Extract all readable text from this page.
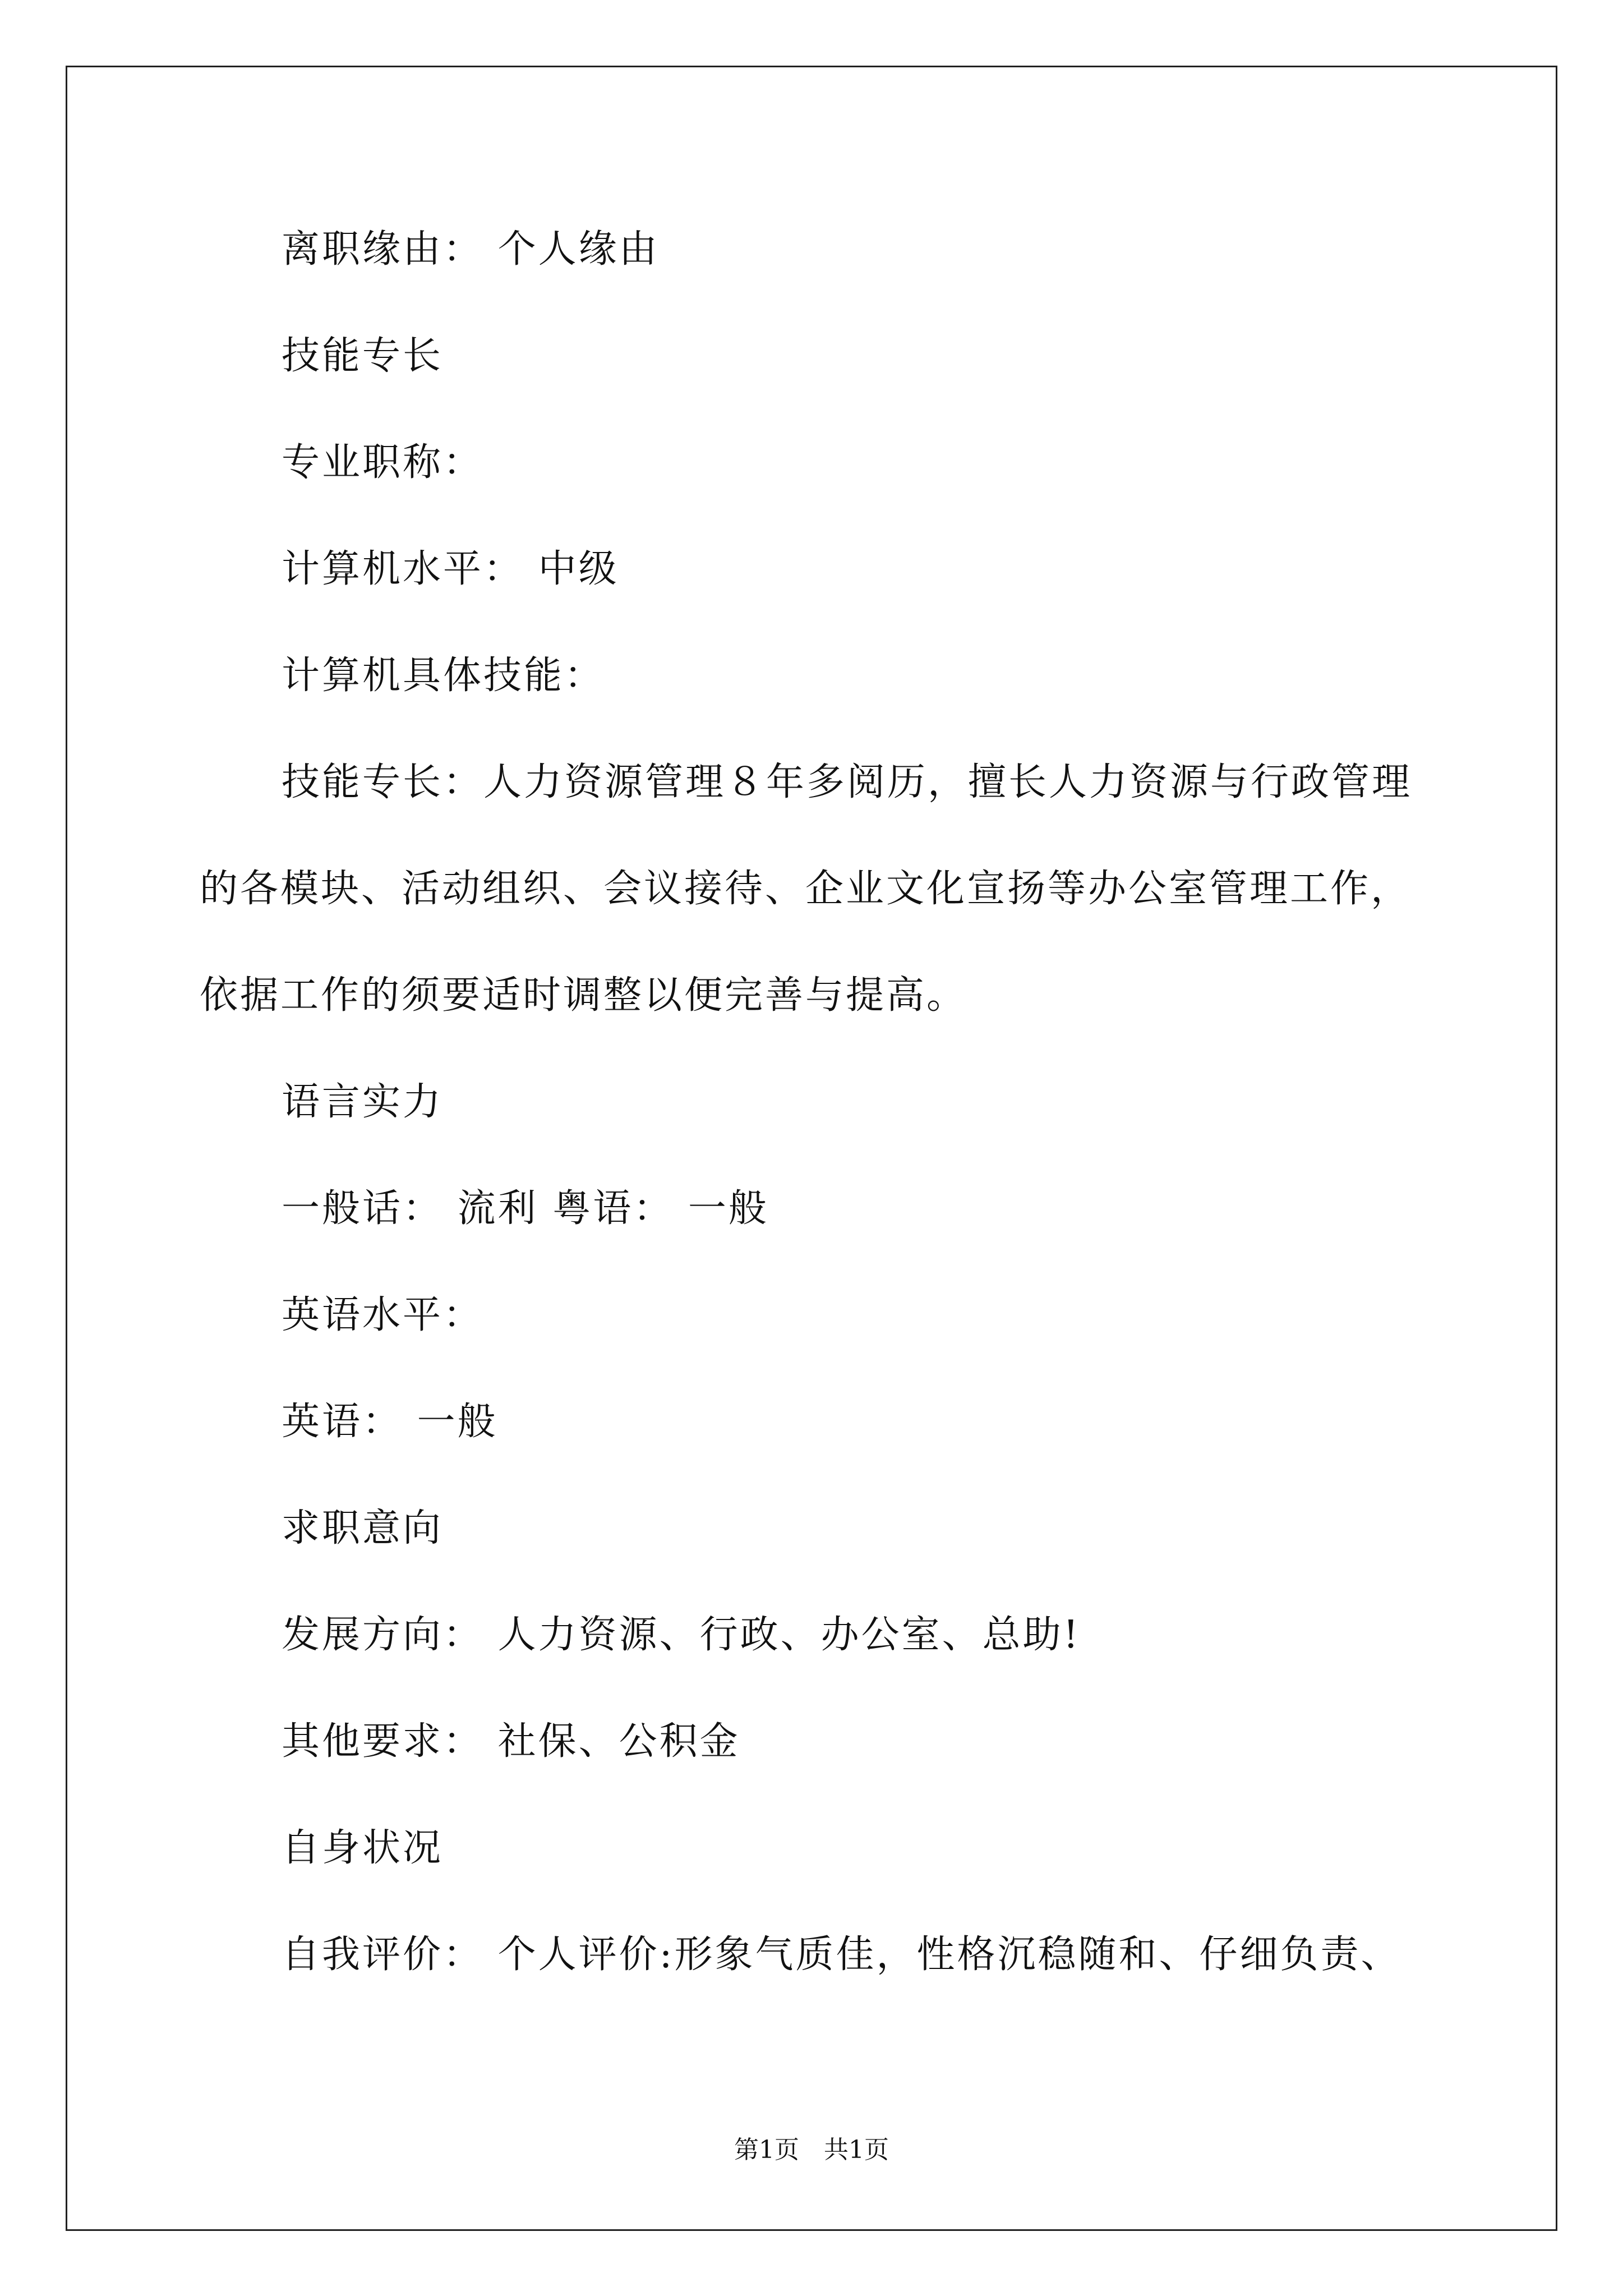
离职缘由： 个人缘由
技能专长
专业职称：
计算机水平： 中级
计算机具体技能：
技能专长：人力资源管理８年多阅历，擅长人力资源与行政管理
的各模块、活动组织、会议接待、企业文化宣扬等办公室管理工作，
依据工作的须要适时调整以便完善与提高。
语言实力
一般话： 流利 粤语： 一般
英语水平：
英语： 一般
求职意向
发展方向： 人力资源、行政、办公室、总助!
其他要求： 社保、公积金
自身状况
自我评价： 个人评价:形象气质佳，性格沉稳随和、仔细负责、
第1页　共1页
